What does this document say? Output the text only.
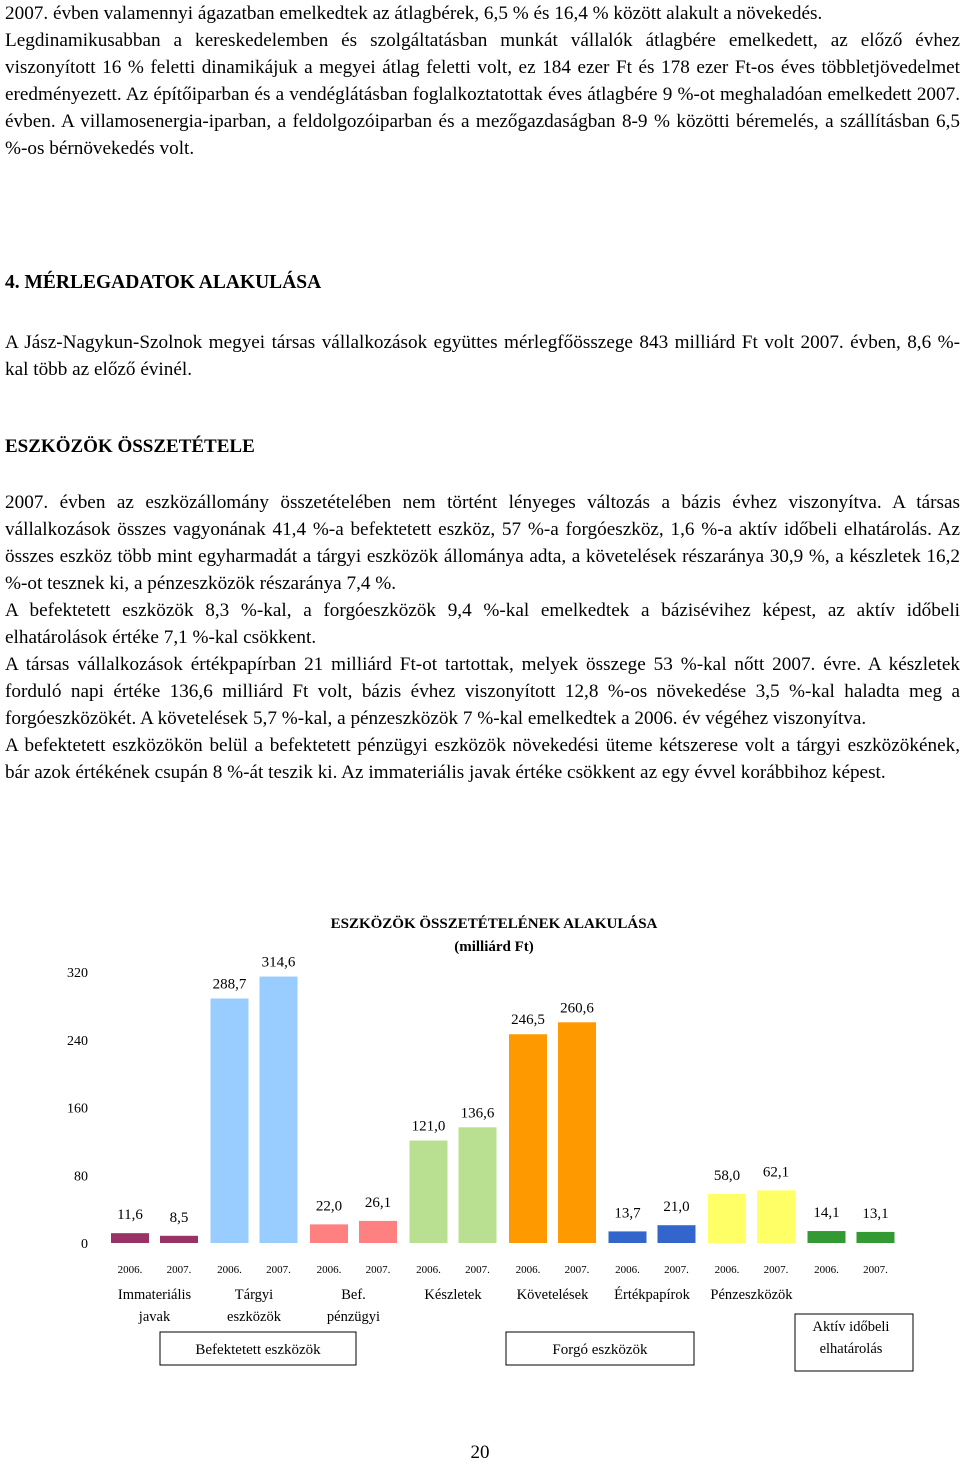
2007. évben valamennyi ágazatban emelkedtek az átlagbérek, 6,5 % és 16,4 % között alakult a növekedés.

Legdinamikusabban a kereskedelemben és szolgáltatásban munkát vállalók átlagbére emelkedett, az előző évhez viszonyított 16 % feletti dinamikájuk a megyei átlag feletti volt, ez 184 ezer Ft és 178 ezer Ft-os éves többletjövedelmet eredményezett. Az építőiparban és a vendéglátásban foglalkoztatottak éves átlagbére 9 %-ot meghaladóan emelkedett 2007. évben. A villamosenergia-iparban, a feldolgozóiparban és a mezőgazdaságban 8-9 % közötti béremelés, a szállításban 6,5 %-os bérnövekedés volt.

4. MÉRLEGADATOK ALAKULÁSA

A Jász-Nagykun-Szolnok megyei társas vállalkozások együttes mérlegfőösszege 843 milliárd Ft volt 2007. évben, 8,6 %-kal több az előző évinél.

ESZKÖZÖK ÖSSZETÉTELE

2007. évben az eszközállomány összetételében nem történt lényeges változás a bázis évhez viszonyítva. A társas vállalkozások összes vagyonának 41,4 %-a befektetett eszköz, 57 %-a forgóeszköz, 1,6 %-a aktív időbeli elhatárolás. Az összes eszköz több mint egyharmadát a tárgyi eszközök állománya adta, a követelések részaránya 30,9 %, a készletek 16,2 %-ot tesznek ki, a pénzeszközök részaránya 7,4 %.

A befektetett eszközök 8,3 %-kal, a forgóeszközök 9,4 %-kal emelkedtek a bázisévihez képest, az aktív időbeli elhatárolások értéke 7,1 %-kal csökkent.

A társas vállalkozások értékpapírban 21 milliárd Ft-ot tartottak, melyek összege 53 %-kal nőtt 2007. évre. A készletek forduló napi értéke 136,6 milliárd Ft volt, bázis évhez viszonyított 12,8 %-os növekedése 3,5 %-kal haladta meg a forgóeszközökét. A követelések 5,7 %-kal, a pénzeszközök 7 %-kal emelkedtek a 2006. év végéhez viszonyítva.

A befektetett eszközökön belül a befektetett pénzügyi eszközök növekedési üteme kétszerese volt a tárgyi eszközökének, bár azok értékének csupán 8 %-át teszik ki. Az immateriális javak értéke csökkent az egy évvel korábbihoz képest.

ESZKÖZÖK ÖSSZETÉTELÉNEK ALAKULÁSA
(milliárd Ft)
0
80
160
240
320
11,6
2006.
8,5
2007.
Immateriális
javak
288,7
2006.
314,6
2007.
Tárgyi
eszközök
22,0
2006.
26,1
2007.
Bef.
pénzügyi
121,0
2006.
136,6
2007.
Készletek
246,5
2006.
260,6
2007.
Követelések
13,7
2006.
21,0
2007.
Értékpapírok
58,0
2006.
62,1
2007.
Pénzeszközök
14,1
2006.
13,1
2007.
Aktív időbeli
elhatárolás
Befektetett eszközök	Forgó eszközök
20
